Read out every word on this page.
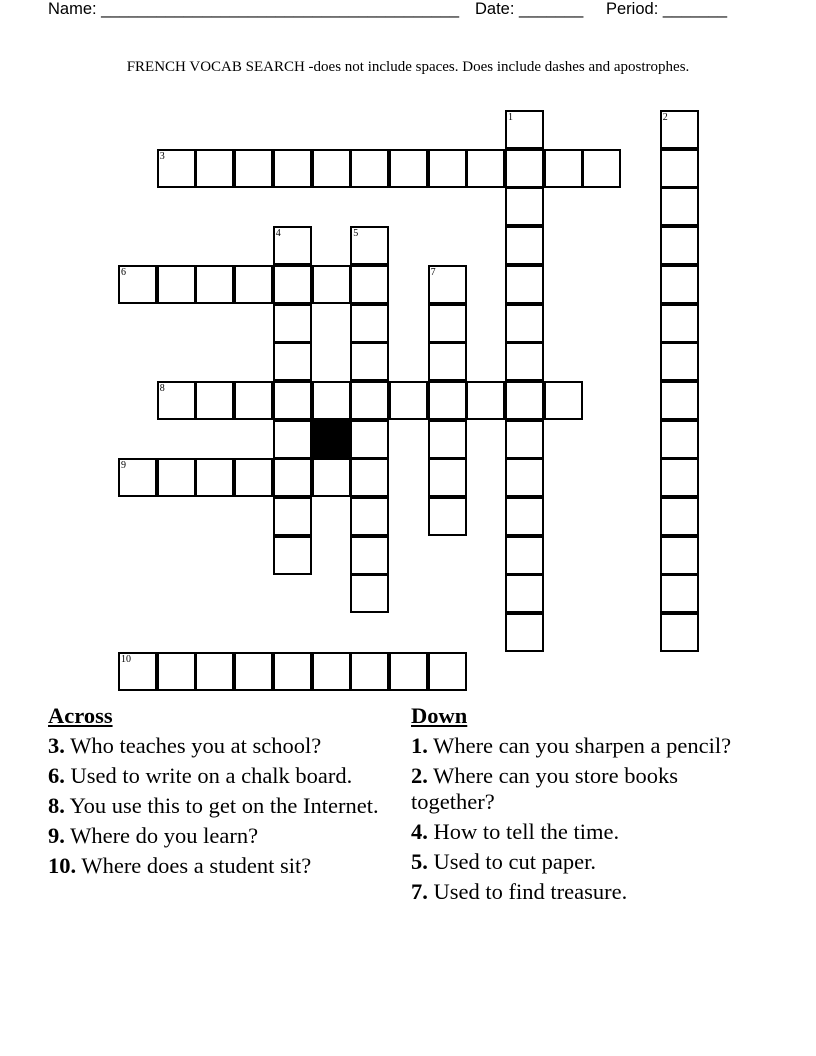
Name: _______________________________________

Date: _______

Period: _______

FRENCH VOCAB SEARCH -does not include spaces. Does include dashes and apostrophes.
1	2
3
4	5
6	7
8
9
10
Across
3. Who teaches you at school?
6. Used to write on a chalk board.
8. You use this to get on the Internet.
9. Where do you learn?
10. Where does a student sit?
Down
1. Where can you sharpen a pencil?
2. Where can you store books together?
4. How to tell the time.
5. Used to cut paper.
7. Used to find treasure.
